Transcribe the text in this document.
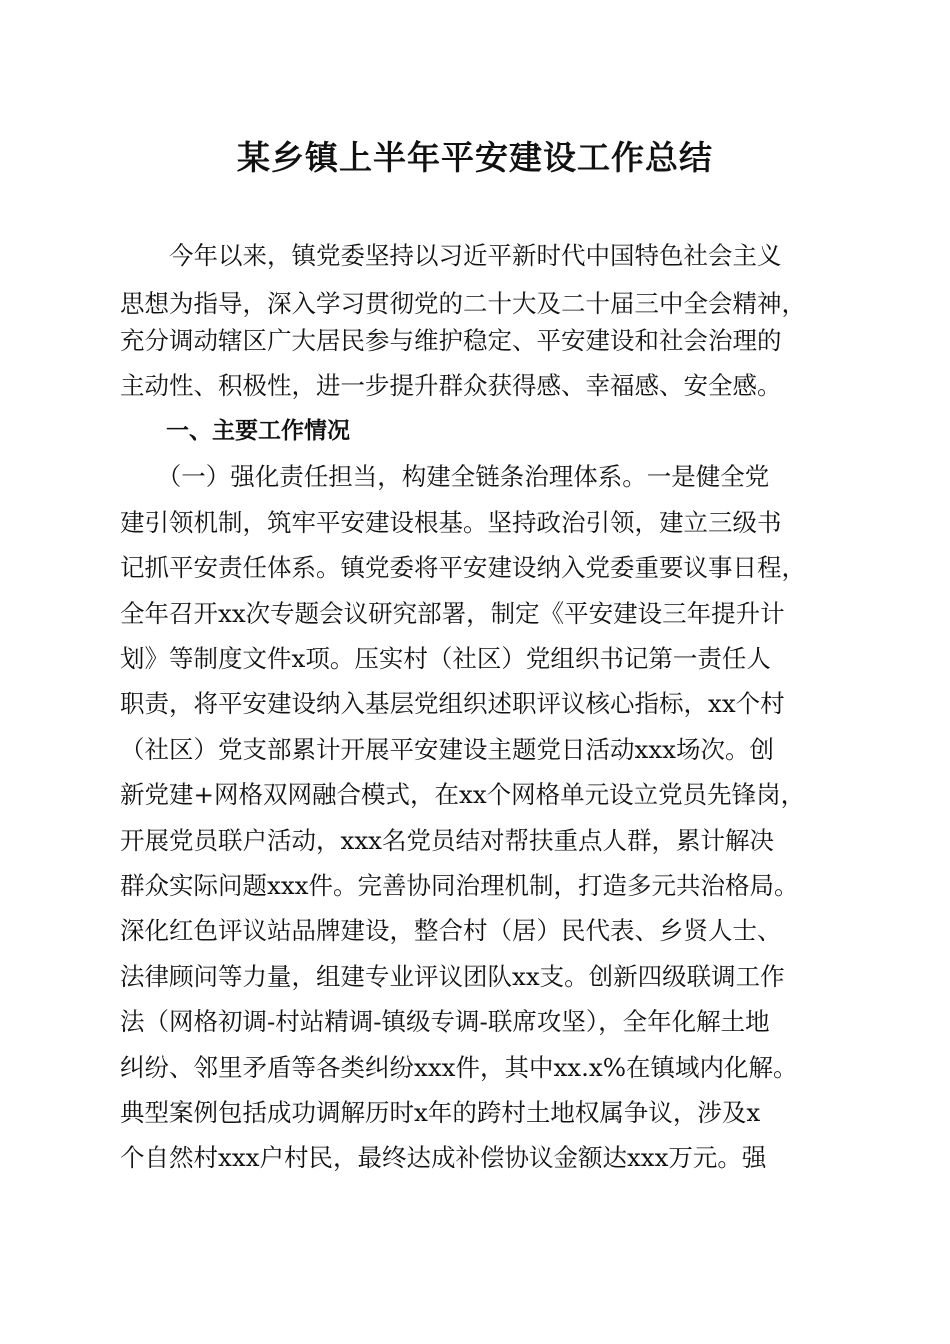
某乡镇上半年平安建设工作总结

　　今年以来，镇党委坚持以习近平新时代中国特色社会主义

思想为指导，深入学习贯彻党的二十大及二十届三中全会精神，

充分调动辖区广大居民参与维护稳定、平安建设和社会治理的

主动性、积极性，进一步提升群众获得感、幸福感、安全感。

　　一、主要工作情况

　　（一）强化责任担当，构建全链条治理体系。一是健全党

建引领机制，筑牢平安建设根基。坚持政治引领，建立三级书

记抓平安责任体系。镇党委将平安建设纳入党委重要议事日程，

全年召开xx次专题会议研究部署，制定《平安建设三年提升计

划》等制度文件x项。压实村（社区）党组织书记第一责任人

职责，将平安建设纳入基层党组织述职评议核心指标，xx个村

（社区）党支部累计开展平安建设主题党日活动xxx场次。创

新党建+网格双网融合模式，在xx个网格单元设立党员先锋岗，

开展党员联户活动，xxx名党员结对帮扶重点人群，累计解决

群众实际问题xxx件。完善协同治理机制，打造多元共治格局。

深化红色评议站品牌建设，整合村（居）民代表、乡贤人士、

法律顾问等力量，组建专业评议团队xx支。创新四级联调工作

法（网格初调-村站精调-镇级专调-联席攻坚），全年化解土地

纠纷、邻里矛盾等各类纠纷xxx件，其中xx.x%在镇域内化解。

典型案例包括成功调解历时x年的跨村土地权属争议，涉及x

个自然村xxx户村民，最终达成补偿协议金额达xxx万元。强
